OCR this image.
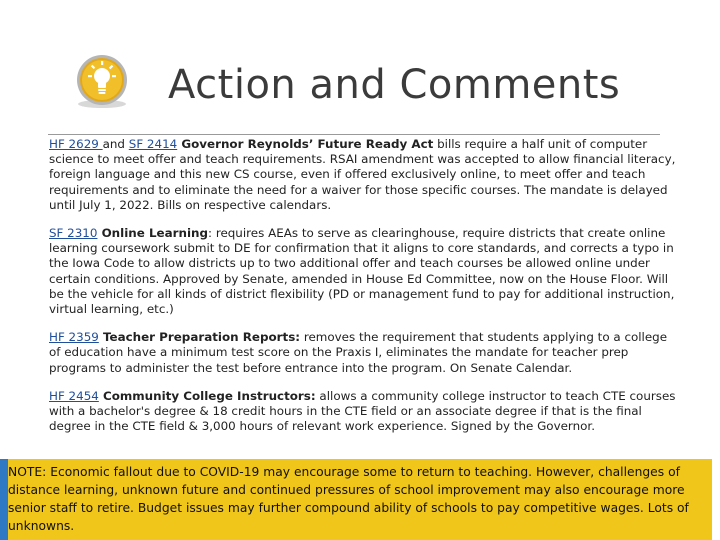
Action and Comments

HF 2629 and SF 2414 Governor Reynolds’ Future Ready Act bills require a half unit of computer science to meet offer and teach requirements. RSAI amendment was accepted to allow financial literacy, foreign language and this new CS course, even if offered exclusively online, to meet offer and teach requirements and to eliminate the need for a waiver for those specific courses. The mandate is delayed until July 1, 2022. Bills on respective calendars.

SF 2310 Online Learning: requires AEAs to serve as clearinghouse, require districts that create online learning coursework submit to DE for confirmation that it aligns to core standards, and corrects a typo in the Iowa Code to allow districts up to two additional offer and teach courses be allowed online under certain conditions. Approved by Senate, amended in House Ed Committee, now on the House Floor. Will be the vehicle for all kinds of district flexibility (PD or management fund to pay for additional instruction, virtual learning, etc.)

HF 2359 Teacher Preparation Reports: removes the requirement that students applying to a college of education have a minimum test score on the Praxis I, eliminates the mandate for teacher prep programs to administer the test before entrance into the program. On Senate Calendar.

HF 2454 Community College Instructors: allows a community college instructor to teach CTE courses with a bachelor's degree & 18 credit hours in the CTE field or an associate degree if that is the final degree in the CTE field & 3,000 hours of relevant work experience. Signed by the Governor.

NOTE: Economic fallout due to COVID-19 may encourage some to return to teaching. However, challenges of distance learning, unknown future and continued pressures of school improvement may also encourage more senior staff to retire. Budget issues may further compound ability of schools to pay competitive wages. Lots of unknowns.
